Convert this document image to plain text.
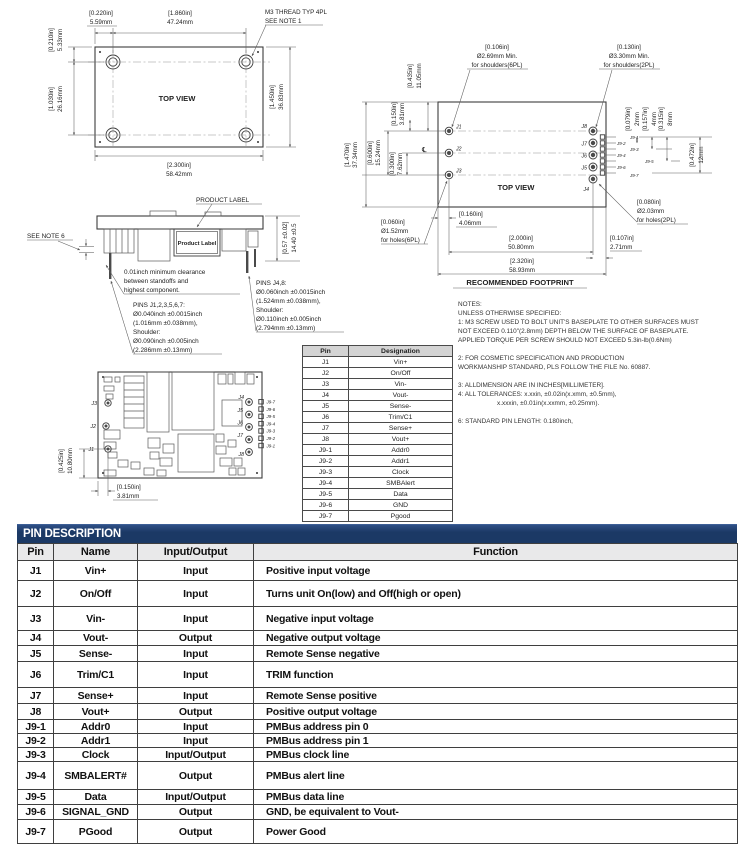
[0.220in]
5.59mm
[1.860in]
47.24mm
[0.210in] 5.33mm
[1.030in] 26.16mm	[1.450in] 36.83mm
[2.300in]
58.42mm
M3 THREAD TYP 4PL
SEE NOTE 1
TOP VIEW
PRODUCT LABEL
Product Label
SEE NOTE 6	[0.57 ±0.02] 14.40 ±0.5
0.01inch minimum clearance
between standoffs and
highest component.
PINS J1,2,3,5,6,7:
Ø0.040inch ±0.0015inch
(1.016mm ±0.038mm),
Shoulder:
Ø0.090inch ±0.005inch
(2.286mm ±0.13mm)
PINS J4,8:
Ø0.060inch ±0.0015inch
(1.524mm ±0.038mm),
Shoulder:
Ø0.110inch ±0.005inch
(2.794mm ±0.13mm)
J3
J2
J1
J4
J5
J6
J7
J8
J9-7
J9-6
J9-5
J9-4
J9-3
J9-2
J9-1
[0.425in] 10.80mm
[0.150in]
3.81mm
℄
J1
J2
J3
J8
J7
J6
J5
J4
J9-1
J9-2
J9-3
J9-4
J9-5
J9-6
J9-7
[0.106in]
Ø2.69mm Min.
for shoulders(6PL)
[0.130in]
Ø3.30mm Min.
for shoulders(2PL)
[0.435in] 11.05mm
[0.150in] 3.81mm
[0.300in] 7.62mm
[0.600in] 15.24mm
[1.470in] 37.34mm
[0.079in] 2mm [0.157in] 4mm [0.315in] 8mm
[0.472in] 12mm
[0.160in]
4.06mm
[2.000in]
50.80mm
[2.320in]
58.93mm
[0.060in]
Ø1.52mm
for holes(6PL)
[0.080in]
Ø2.03mm
for holes(2PL)
[0.107in]
2.71mm
TOP VIEW
RECOMMENDED FOOTPRINT
Pin	Designation
J1	Vin+
J2	On/Off
J3	Vin-
J4	Vout-
J5	Sense-
J6	Trim/C1
J7	Sense+
J8	Vout+
J9-1	Addr0
J9-2	Addr1
J9-3	Clock
J9-4	SMBAlert
J9-5	Data
J9-6	GND
J9-7	Pgood
NOTES:
UNLESS OTHERWISE SPECIFIED:
1: M3 SCREW USED TO BOLT UNIT'S BASEPLATE TO OTHER SURFACES MUST
NOT EXCEED 0.110"(2.8mm) DEPTH BELOW THE SURFACE OF BASEPLATE.
APPLIED TORQUE PER SCREW SHOULD NOT EXCEED 5.3in-lb(0.6Nm)
2: FOR COSMETIC SPECIFICATION AND PRODUCTION
WORKMANSHIP STANDARD, PLS FOLLOW THE FILE No. 60887.
3: ALLDIMENSION ARE IN INCHES[MILLIMETER].
4: ALL TOLERANCES: x.xxin, ±0.02in(x.xmm, ±0.5mm),
x.xxxin, ±0.01in(x.xxmm, ±0.25mm).
6: STANDARD PIN LENGTH: 0.180inch,
PIN DESCRIPTION
Pin	Name	Input/Output	Function
J1	Vin+	Input	Positive input voltage
J2	On/Off	Input	Turns unit On(low) and Off(high or open)
J3	Vin-	Input	Negative input voltage
J4	Vout-	Output	Negative output voltage
J5	Sense-	Input	Remote Sense negative
J6	Trim/C1	Input	TRIM function
J7	Sense+	Input	Remote Sense positive
J8	Vout+	Output	Positive output voltage
J9-1	Addr0	Input	PMBus address pin 0
J9-2	Addr1	Input	PMBus address pin 1
J9-3	Clock	Input/Output	PMBus clock line
J9-4	SMBALERT#	Output	PMBus alert line
J9-5	Data	Input/Output	PMBus data line
J9-6	SIGNAL_GND	Output	GND, be equivalent to Vout-
J9-7	PGood	Output	Power Good
